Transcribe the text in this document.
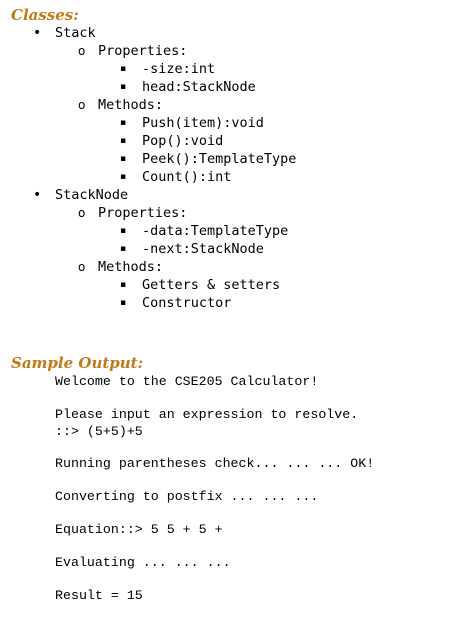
Classes:
• Stack
o Properties:
▪ -size:int
▪ head:StackNode
o Methods:
▪ Push(item):void
▪ Pop():void
▪ Peek():TemplateType
▪ Count():int
• StackNode
o Properties:
▪ -data:TemplateType
▪ -next:StackNode
o Methods:
▪ Getters & setters
▪ Constructor
Sample Output:
Welcome to the CSE205 Calculator!
Please input an expression to resolve.
::> (5+5)+5
Running parentheses check... ... ... OK!
Converting to postfix ... ... ...
Equation::> 5 5 + 5 +
Evaluating ... ... ...
Result = 15
